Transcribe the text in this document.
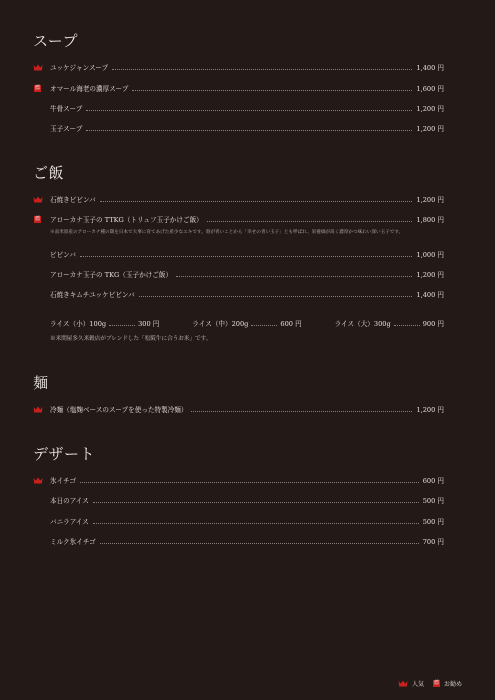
スープ
ユッケジャンスープ	1,400 円
薦 オマール海老の濃厚スープ	1,600 円
牛骨スープ	1,200 円
玉子スープ	1,200 円
ご飯
石焼きビビンバ	1,200 円
薦 アローカナ玉子の TTKG（トリュフ玉子かけご飯）	1,800 円
ビビンバ	1,000 円
アローカナ玉子の TKG（玉子かけご飯）	1,200 円
石焼きキムチユッケビビンバ	1,400 円
※南米原産のアローカナ種の鶏を日本で大事に育てあげた希少なエキです。殻が青いことから「幸せの青い玉子」とも呼ばれ、栄養価が高く濃厚かつ味わい深い玉子です。
ライス（小）100g	300 円	ライス（中）200g	600 円	ライス（大）300g	900 円
※米問屋多久米穀店がブレンドした「松阪牛に合うお米」です。
麺
冷麺（塩麹ベースのスープを使った特製冷麺）	1,200 円
デザート
氷イチゴ	600 円
本日のアイス	500 円
バニラアイス	500 円
ミルク氷イチゴ	700 円
人気 薦 お勧め
